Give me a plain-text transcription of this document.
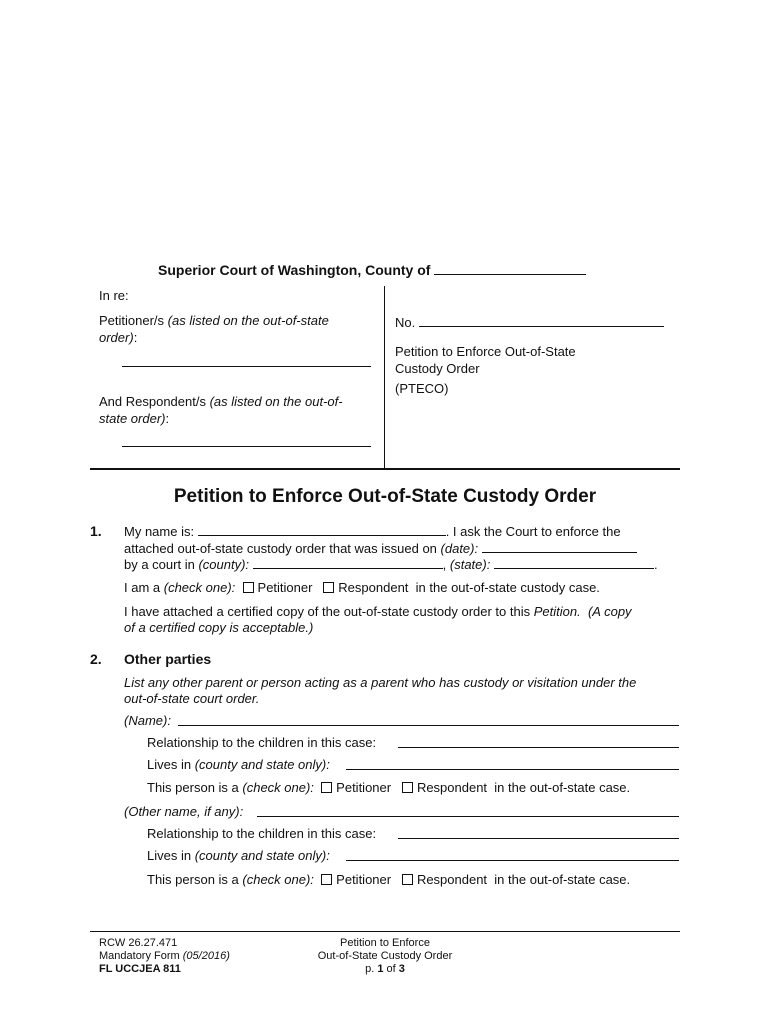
Superior Court of Washington, County of
In re:
Petitioner/s (as listed on the out-of-state
order):
And Respondent/s (as listed on the out-of-
state order):
No.
Petition to Enforce Out-of-State
Custody Order
(PTECO)
Petition to Enforce Out-of-State Custody Order
1. My name is:	. I ask the Court to enforce the
attached out-of-state custody order that was issued on (date):
by a court in (county):	, (state):	.
I am a (check one): Petitioner Respondent in the out-of-state custody case.
I have attached a certified copy of the out-of-state custody order to this Petition. (A copy
of a certified copy is acceptable.)
2. Other parties
List any other parent or person acting as a parent who has custody or visitation under the
out-of-state court order.
(Name):
Relationship to the children in this case:
Lives in (county and state only):
This person is a (check one): Petitioner Respondent in the out-of-state case.
(Other name, if any):
Relationship to the children in this case:
Lives in (county and state only):
This person is a (check one): Petitioner Respondent in the out-of-state case.
RCW 26.27.471
Mandatory Form (05/2016)
FL UCCJEA 811
Petition to Enforce
Out-of-State Custody Order
p. 1 of 3
